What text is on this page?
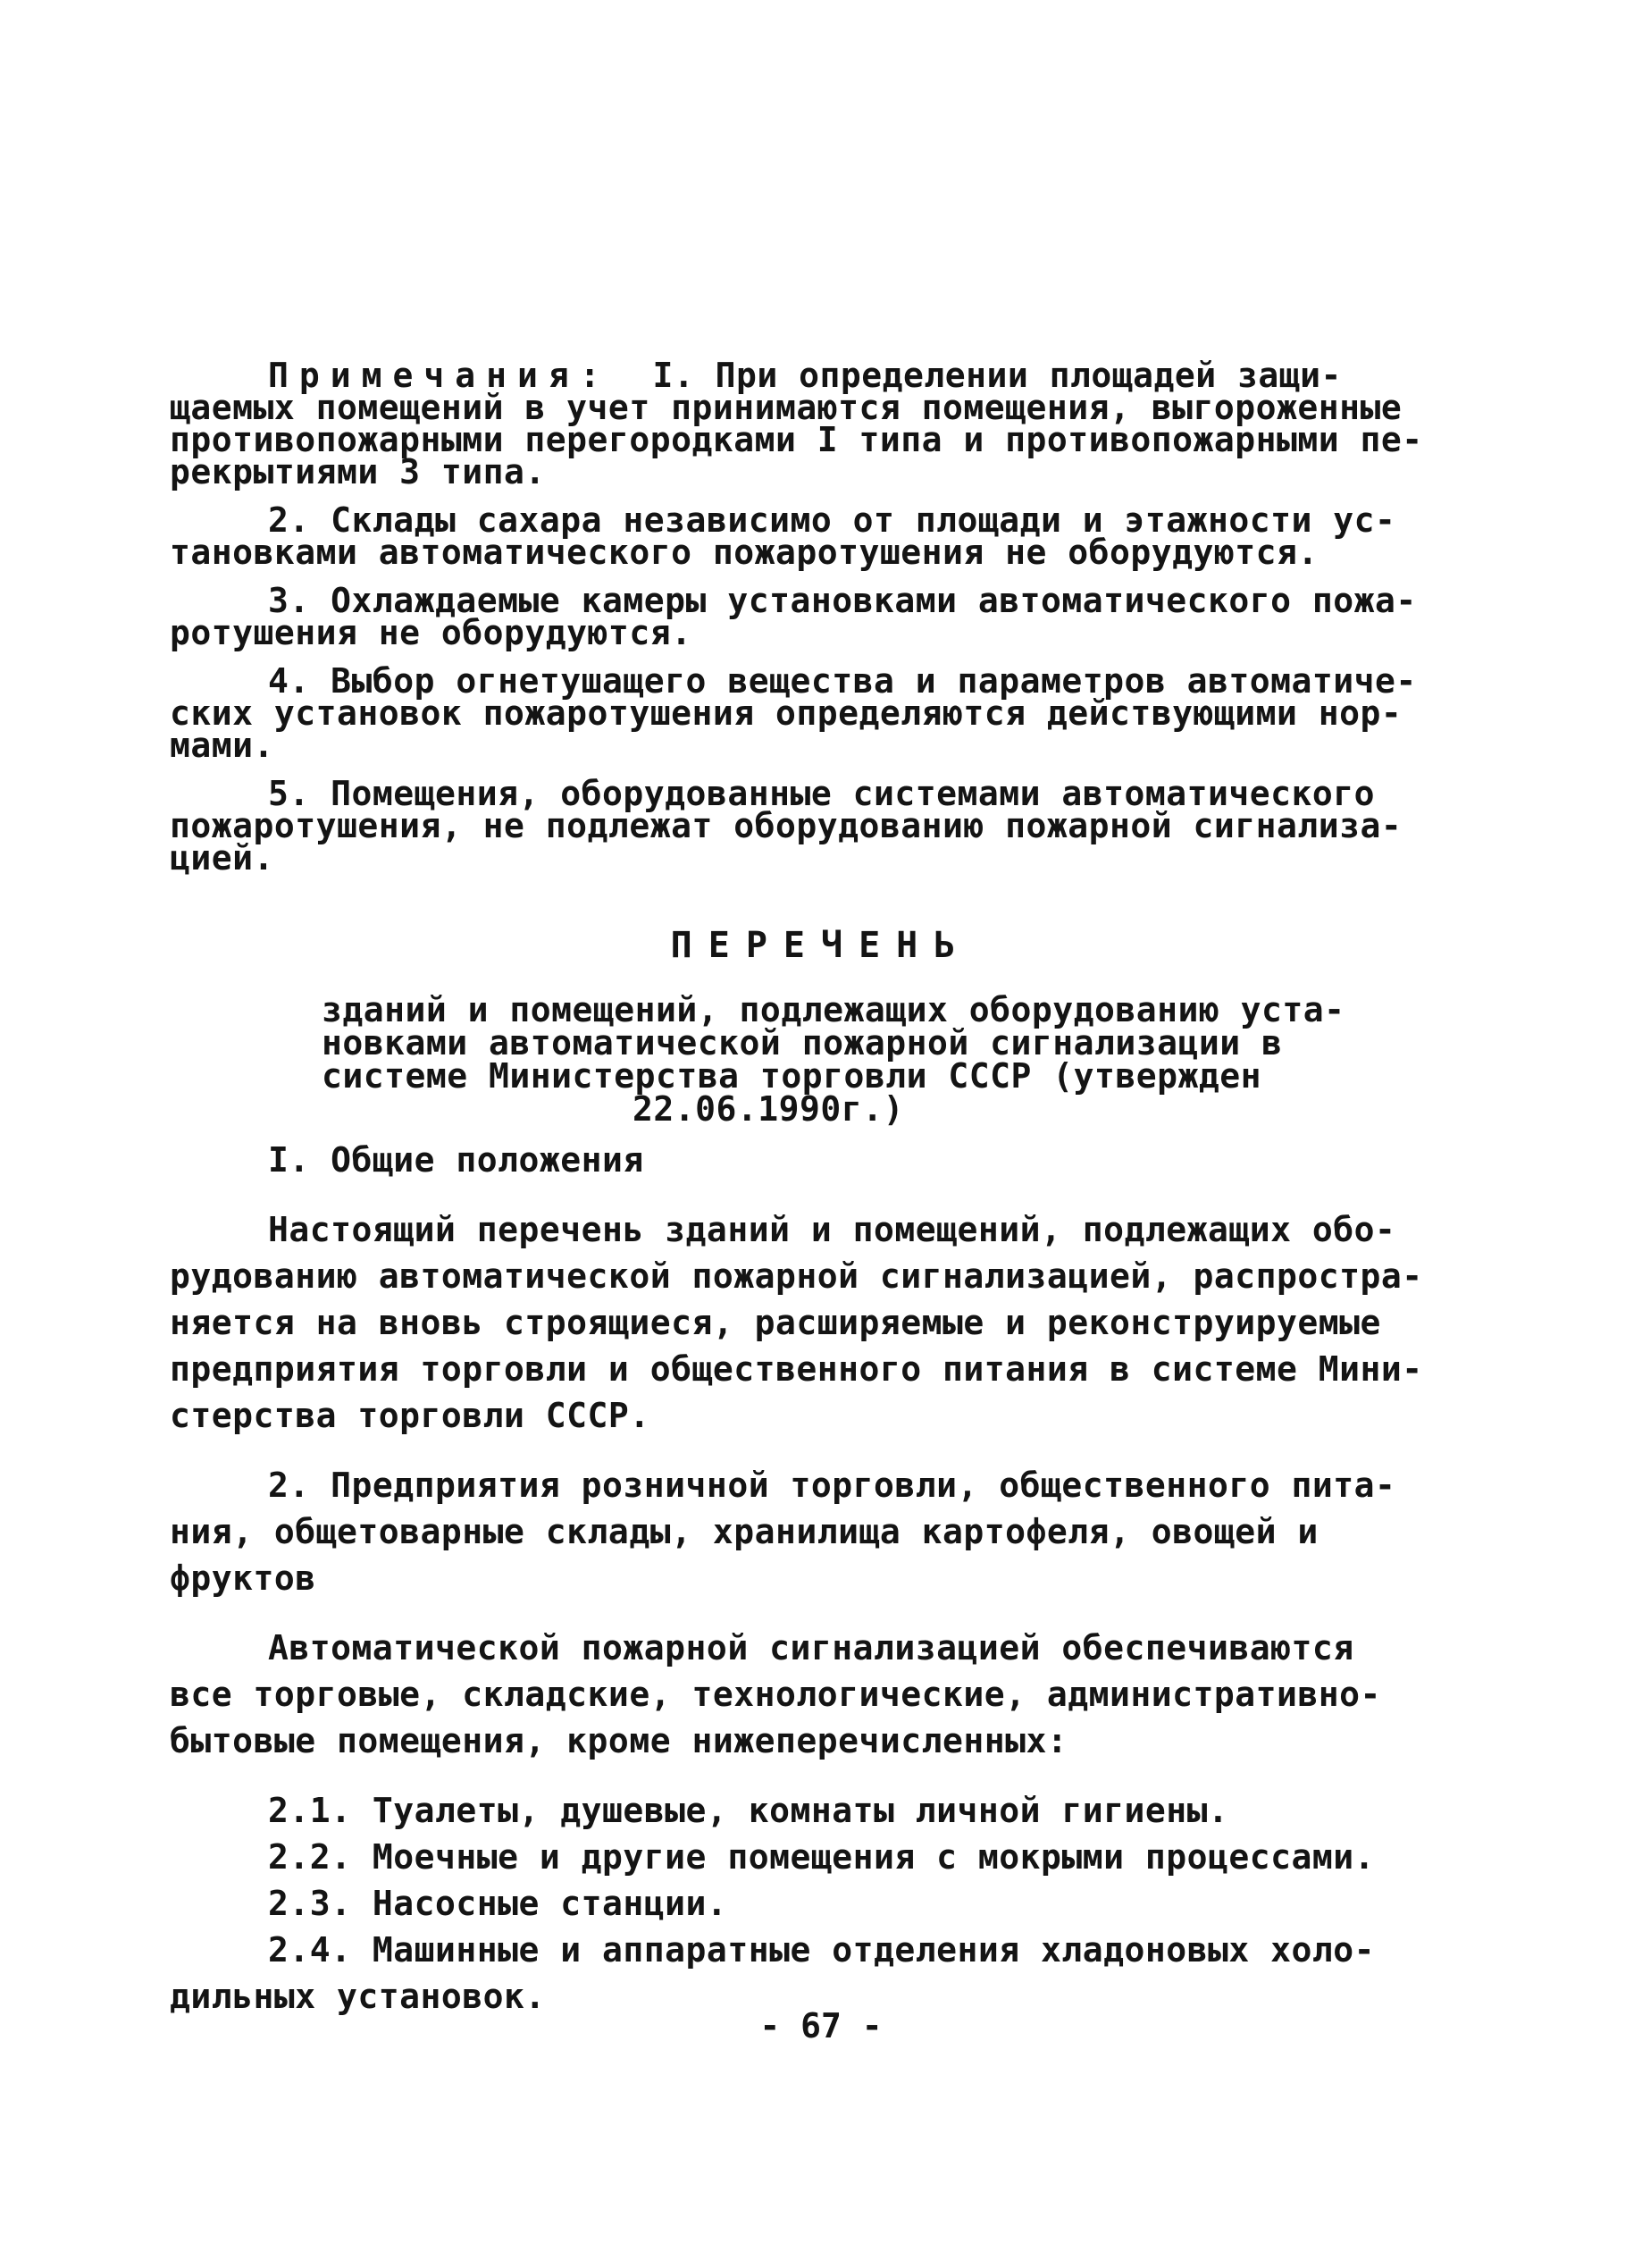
Примечания: I. При определении площадей защи-
щаемых помещений в учет принимаются помещения, выгороженные
противопожарными перегородками I типа и противопожарными пе-
рекрытиями 3 типа.
2. Склады сахара независимо от площади и этажности ус-
тановками автоматического пожаротушения не оборудуются.
3. Охлаждаемые камеры установками автоматического пожа-
ротушения не оборудуются.
4. Выбор огнетушащего вещества и параметров автоматиче-
ских установок пожаротушения определяются действующими нор-
мами.
5. Помещения, оборудованные системами автоматического
пожаротушения, не подлежат оборудованию пожарной сигнализа-
цией.
ПЕРЕЧЕНЬ
зданий и помещений, подлежащих оборудованию уста-
новками автоматической пожарной сигнализации в
системе Министерства торговли СССР (утвержден
22.06.1990г.)
I. Общие положения
Настоящий перечень зданий и помещений, подлежащих обо-
рудованию автоматической пожарной сигнализацией, распростра-
няется на вновь строящиеся, расширяемые и реконструируемые
предприятия торговли и общественного питания в системе Мини-
стерства торговли СССР.
2. Предприятия розничной торговли, общественного пита-
ния, общетоварные склады, хранилища картофеля, овощей и
фруктов
Автоматической пожарной сигнализацией обеспечиваются
все торговые, складские, технологические, административно-
бытовые помещения, кроме нижеперечисленных:
2.1. Туалеты, душевые, комнаты личной гигиены.
2.2. Моечные и другие помещения с мокрыми процессами.
2.3. Насосные станции.
2.4. Машинные и аппаратные отделения хладоновых холо-
дильных установок.
- 67 -
